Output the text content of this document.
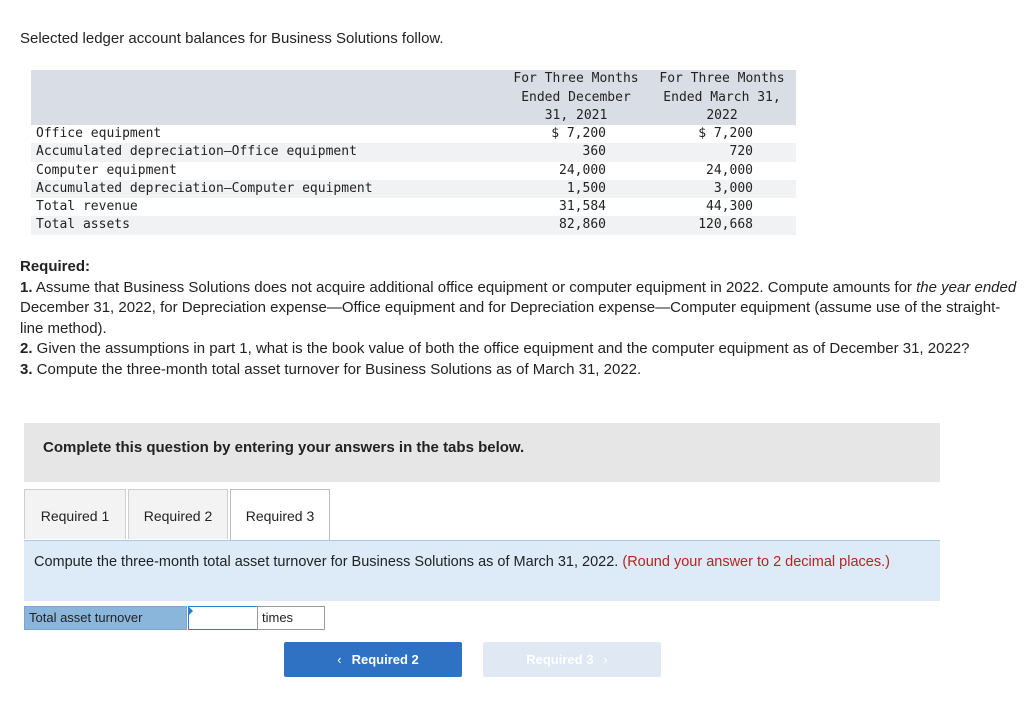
Selected ledger account balances for Business Solutions follow.
For Three Months
Ended December
31, 2021
For Three Months
Ended March 31,
2022
Office equipment	$ 7,200	$ 7,200
Accumulated depreciation—Office equipment	360	720
Computer equipment	24,000	24,000
Accumulated depreciation—Computer equipment	1,500	3,000
Total revenue	31,584	44,300
Total assets	82,860	120,668

Required:

1. Assume that Business Solutions does not acquire additional office equipment or computer equipment in 2022. Compute amounts for the year ended December 31, 2022, for Depreciation expense—Office equipment and for Depreciation expense—Computer equipment (assume use of the straight-line method).

2. Given the assumptions in part 1, what is the book value of both the office equipment and the computer equipment as of December 31, 2022?

3. Compute the three-month total asset turnover for Business Solutions as of March 31, 2022.

Complete this question by entering your answers in the tabs below.
Required 1	Required 2	Required 3
Compute the three-month total asset turnover for Business Solutions as of March 31, 2022. (Round your answer to 2 decimal places.)
Total asset turnover	times
‹ Required 2	Required 3 ›
